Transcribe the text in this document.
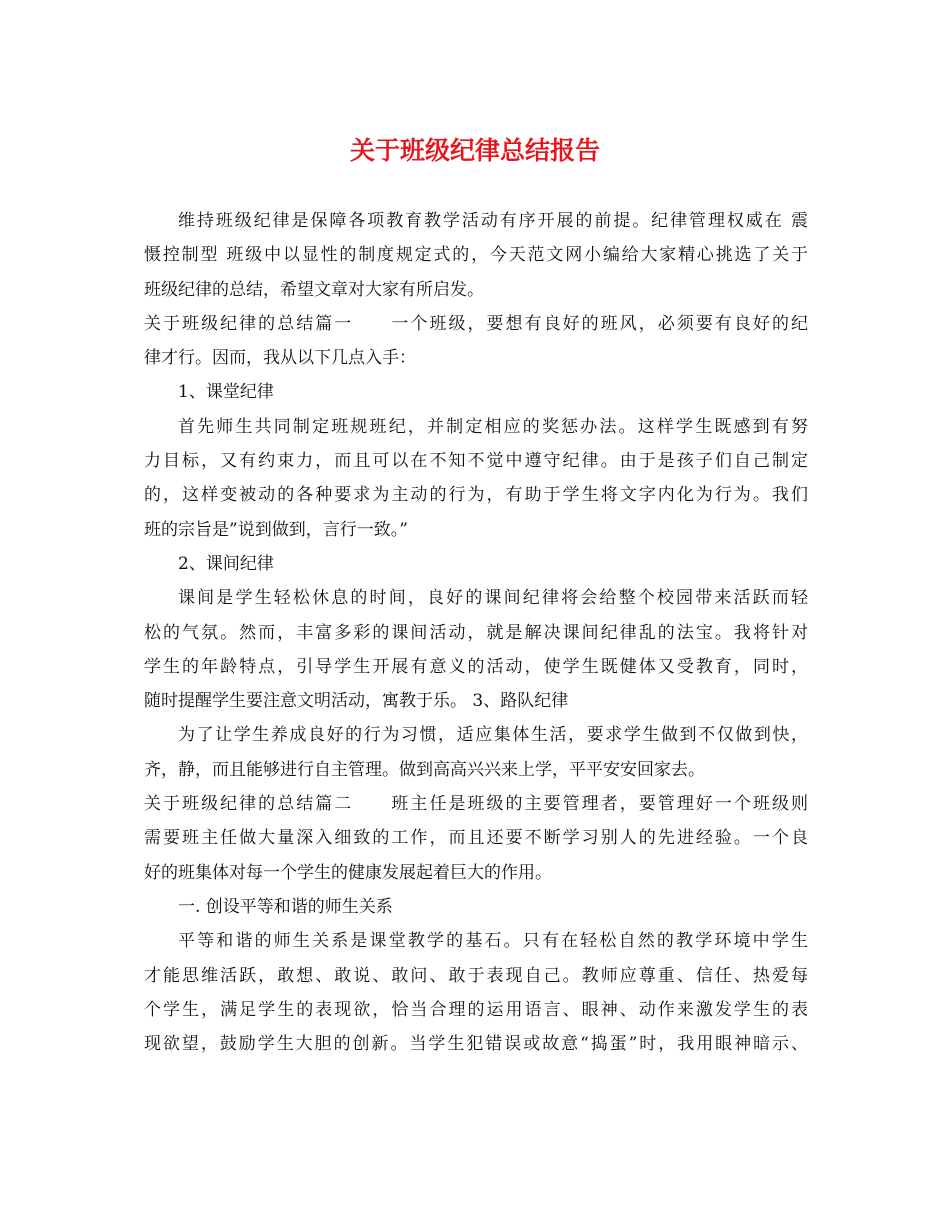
关于班级纪律总结报告
维持班级纪律是保障各项教育教学活动有序开展的前提。纪律管理权威在 震
慑控制型 班级中以显性的制度规定式的，今天范文网小编给大家精心挑选了关于
班级纪律的总结，希望文章对大家有所启发。
关于班级纪律的总结篇一　　一个班级，要想有良好的班风，必须要有良好的纪
律才行。因而，我从以下几点入手：
1、课堂纪律
首先师生共同制定班规班纪，并制定相应的奖惩办法。这样学生既感到有努
力目标，又有约束力，而且可以在不知不觉中遵守纪律。由于是孩子们自己制定
的，这样变被动的各种要求为主动的行为，有助于学生将文字内化为行为。我们
班的宗旨是”说到做到，言行一致。”
2、课间纪律
课间是学生轻松休息的时间，良好的课间纪律将会给整个校园带来活跃而轻
松的气氛。然而，丰富多彩的课间活动，就是解决课间纪律乱的法宝。我将针对
学生的年龄特点，引导学生开展有意义的活动，使学生既健体又受教育，同时，
随时提醒学生要注意文明活动，寓教于乐。 3、路队纪律
为了让学生养成良好的行为习惯，适应集体生活，要求学生做到不仅做到快，
齐，静，而且能够进行自主管理。做到高高兴兴来上学，平平安安回家去。
关于班级纪律的总结篇二　　班主任是班级的主要管理者，要管理好一个班级则
需要班主任做大量深入细致的工作，而且还要不断学习别人的先进经验。一个良
好的班集体对每一个学生的健康发展起着巨大的作用。
一. 创设平等和谐的师生关系
平等和谐的师生关系是课堂教学的基石。只有在轻松自然的教学环境中学生
才能思维活跃，敢想、敢说、敢问、敢于表现自己。教师应尊重、信任、热爱每
个学生，满足学生的表现欲，恰当合理的运用语言、眼神、动作来激发学生的表
现欲望，鼓励学生大胆的创新。当学生犯错误或故意“捣蛋”时，我用眼神暗示、
